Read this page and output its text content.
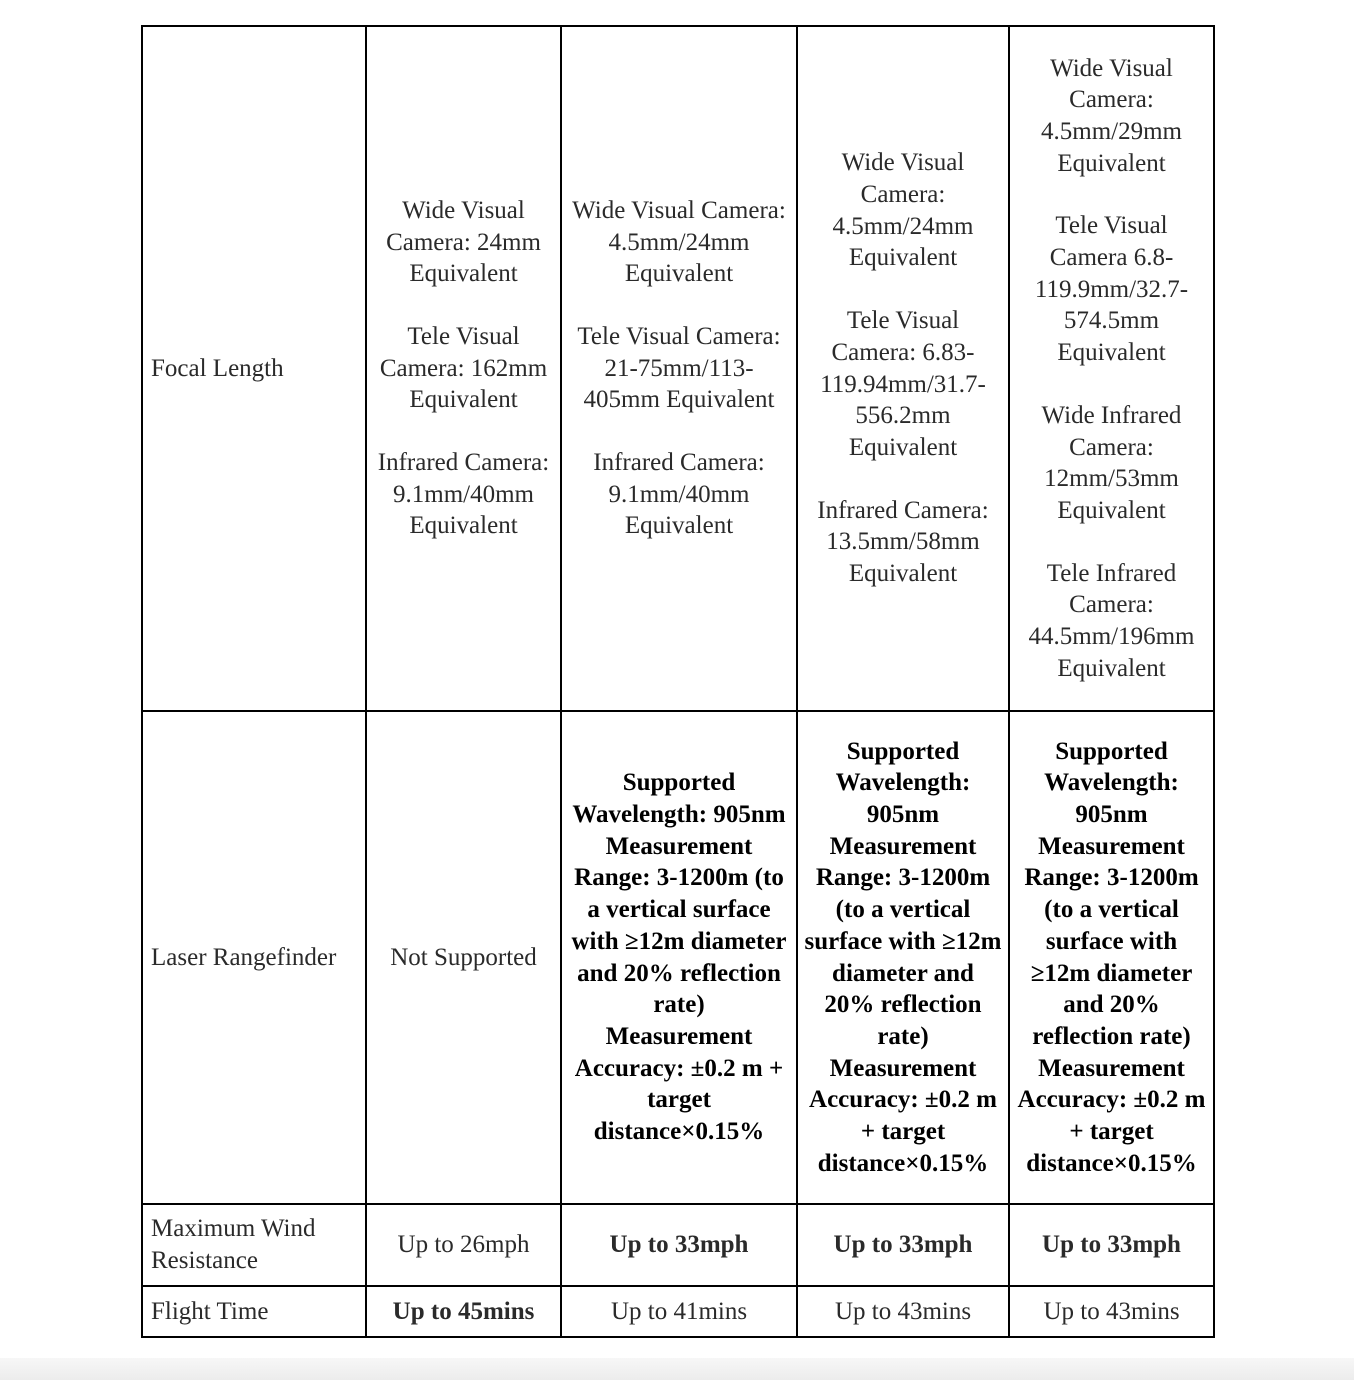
Focal Length	Wide Visual Camera: 24mm Equivalent
Tele Visual Camera: 162mm Equivalent
Infrared Camera: 9.1mm/40mm Equivalent	Wide Visual Camera: 4.5mm/24mm Equivalent
Tele Visual Camera: 21-75mm/113-405mm Equivalent
Infrared Camera: 9.1mm/40mm Equivalent	Wide Visual Camera: 4.5mm/24mm Equivalent
Tele Visual Camera: 6.83-119.94mm/31.7-556.2mm Equivalent
Infrared Camera: 13.5mm/58mm Equivalent	Wide Visual Camera: 4.5mm/29mm Equivalent
Tele Visual Camera 6.8-119.9mm/32.7-574.5mm Equivalent
Wide Infrared Camera: 12mm/53mm Equivalent
Tele Infrared Camera: 44.5mm/196mm Equivalent

Laser Rangefinder	Not Supported	Supported
Wavelength: 905nm
Measurement Range: 3-1200m (to a vertical surface with ≥12m diameter and 20% reflection rate)
Measurement Accuracy: ±0.2 m + target distance×0.15%	Supported
Wavelength: 905nm
Measurement Range: 3-1200m (to a vertical surface with ≥12m diameter and 20% reflection rate)
Measurement Accuracy: ±0.2 m + target distance×0.15%	Supported
Wavelength: 905nm
Measurement Range: 3-1200m (to a vertical surface with ≥12m diameter and 20% reflection rate)
Measurement Accuracy: ±0.2 m + target distance×0.15%

Maximum Wind Resistance	Up to 26mph	Up to 33mph	Up to 33mph	Up to 33mph
Flight Time	Up to 45mins	Up to 41mins	Up to 43mins	Up to 43mins
